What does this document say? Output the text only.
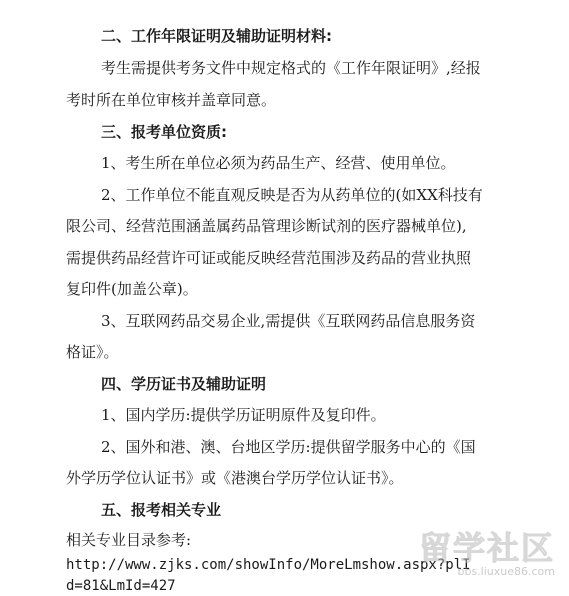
二、工作年限证明及辅助证明材料:
考生需提供考务文件中规定格式的《工作年限证明》,经报
考时所在单位审核并盖章同意。
三、报考单位资质:
1、考生所在单位必须为药品生产、经营、使用单位。
2、工作单位不能直观反映是否为从药单位的(如XX科技有
限公司、经营范围涵盖属药品管理诊断试剂的医疗器械单位),
需提供药品经营许可证或能反映经营范围涉及药品的营业执照
复印件(加盖公章)。
3、互联网药品交易企业,需提供《互联网药品信息服务资
格证》。
四、学历证书及辅助证明
1、国内学历:提供学历证明原件及复印件。
2、国外和港、澳、台地区学历:提供留学服务中心的《国
外学历学位认证书》或《港澳台学历学位认证书》。
五、报考相关专业
相关专业目录参考:
http://www.zjks.com/showInfo/MoreLmshow.aspx?plI
d=81&LmId=427
留学社区
bbs.liuxue86.com
